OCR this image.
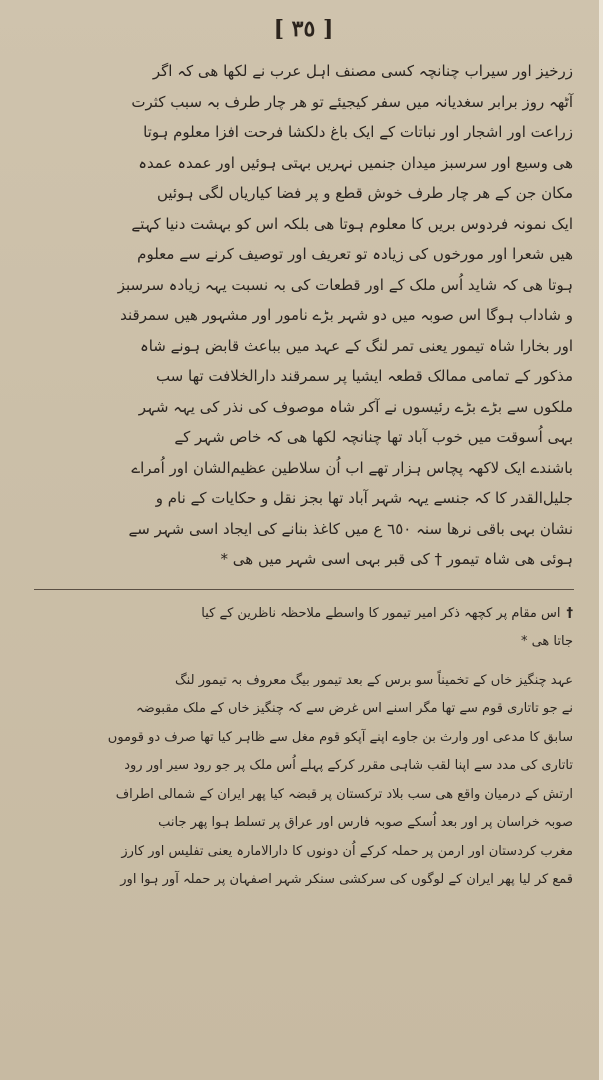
[ ٣٥ ]

زرخیز اور سیراب چنانچہ کسی مصنف اہل عرب نے لکھا ھی کہ اگر

آٹھہ روز برابر سغدیانہ میں سفر کیجیئے تو ھر چار طرف بہ سبب کثرت

زراعت اور اشجار اور نباتات کے ایک باغ دلکشا فرحت افزا معلوم ہوتا

ھی وسیع اور سرسبز میدان جنمیں نہریں بہتی ہوئیں اور عمدہ عمدہ

مکان جن کے ھر چار طرف خوش قطع و پر فضا کیاریاں لگی ہوئیں

ایک نمونہ فردوس بریں کا معلوم ہوتا ھی بلکہ اس کو بہشت دنیا کہتے

ھیں شعرا اور مورخوں کی زیادہ تو تعریف اور توصیف کرنے سے معلوم

ہوتا ھی کہ شاید اُس ملک کے اور قطعات کی بہ نسبت یہہ زیادہ سرسبز

و شاداب ہوگا اس صوبہ میں دو شہر بڑے نامور اور مشہور ھیں سمرقند

اور بخارا شاہ تیمور یعنی تمر لنگ کے عہد میں بباعث قابض ہونے شاہ

مذکور کے تمامی ممالک قطعہ ایشیا پر سمرقند دارالخلافت تھا سب

ملکوں سے بڑے بڑے رئیسوں نے آکر شاہ موصوف کی نذر کی یہہ شہر

بہی اُسوقت میں خوب آباد تھا چنانچہ لکھا ھی کہ خاص شہر کے

باشندے ایک لاکھہ پچاس ہزار تھے اب اُن سلاطین عظیم‌الشان اور اُمراے

جلیل‌القدر کا کہ جنسے یہہ شہر آباد تھا بجز نقل و حکایات کے نام و

نشان بہی باقی نرھا سنہ ٦٥٠ ع میں کاغذ بنانے کی ایجاد اسی شہر سے

ہوئی ھی شاہ تیمور † کی قبر بہی اسی شہر میں ھی *

†اس مقام پر کچھہ ذکر امیر تیمور کا واسطے ملاحظہ ناظرین کے کیا

جاتا ھی *

عہد چنگیز خاں کے تخمیناً سو برس کے بعد تیمور بیگ معروف بہ تیمور لنگ

نے جو تاتاری قوم سے تھا مگر اسنے اس غرض سے کہ چنگیز خاں کے ملک مقبوضہ

سابق کا مدعی اور وارث بن جاوے اپنے آپکو قوم مغل سے ظاہر کیا تھا صرف دو قوموں

تاتاری کی مدد سے اپنا لقب شاہی مقرر کرکے پہلے اُس ملک پر جو رود سیر اور رود

ارتش کے درمیان واقع ھی سب بلاد ترکستان پر قبضہ کیا پھر ایران کے شمالی اطراف

صوبہ خراسان پر اور بعد اُسکے صوبہ فارس اور عراق پر تسلط ہوا پھر جانب

مغرب کردستان اور ارمن پر حملہ کرکے اُن دونوں کا دارالامارہ یعنی تفلیس اور کارز

قمع کر لیا پھر ایران کے لوگوں کی سرکشی سنکر شہر اصفہان پر حملہ آور ہوا اور
